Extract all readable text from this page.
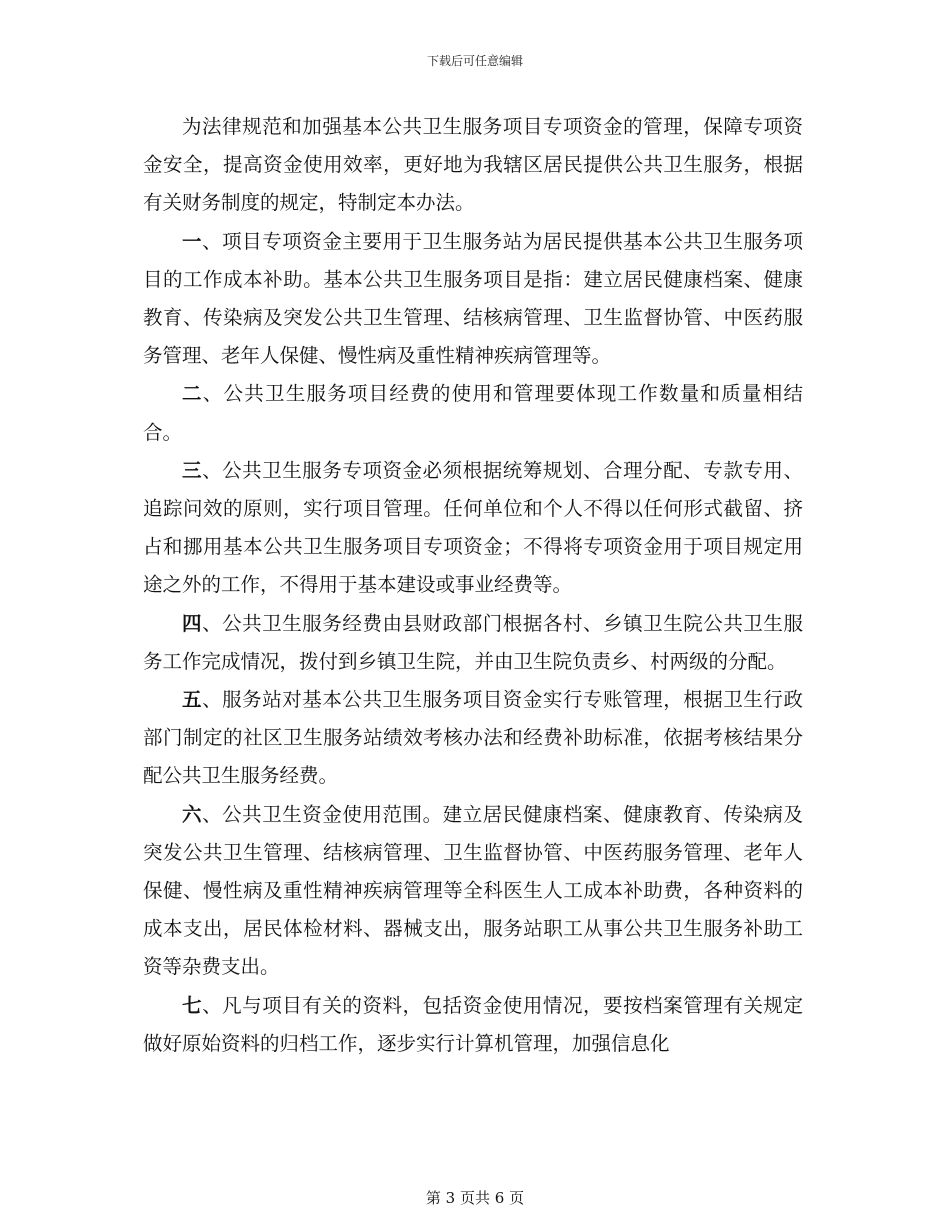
下载后可任意编辑

为法律规范和加强基本公共卫生服务项目专项资金的管理，保障专项资金安全，提高资金使用效率，更好地为我辖区居民提供公共卫生服务，根据有关财务制度的规定，特制定本办法。

一、项目专项资金主要用于卫生服务站为居民提供基本公共卫生服务项目的工作成本补助。基本公共卫生服务项目是指：建立居民健康档案、健康教育、传染病及突发公共卫生管理、结核病管理、卫生监督协管、中医药服务管理、老年人保健、慢性病及重性精神疾病管理等。

二、公共卫生服务项目经费的使用和管理要体现工作数量和质量相结合。

三、公共卫生服务专项资金必须根据统筹规划、合理分配、专款专用、追踪问效的原则，实行项目管理。任何单位和个人不得以任何形式截留、挤占和挪用基本公共卫生服务项目专项资金；不得将专项资金用于项目规定用途之外的工作，不得用于基本建设或事业经费等。

四、公共卫生服务经费由县财政部门根据各村、乡镇卫生院公共卫生服务工作完成情况，拨付到乡镇卫生院，并由卫生院负责乡、村两级的分配。

五、服务站对基本公共卫生服务项目资金实行专账管理，根据卫生行政部门制定的社区卫生服务站绩效考核办法和经费补助标准，依据考核结果分配公共卫生服务经费。

六、公共卫生资金使用范围。建立居民健康档案、健康教育、传染病及突发公共卫生管理、结核病管理、卫生监督协管、中医药服务管理、老年人保健、慢性病及重性精神疾病管理等全科医生人工成本补助费，各种资料的成本支出，居民体检材料、器械支出，服务站职工从事公共卫生服务补助工资等杂费支出。

七、凡与项目有关的资料，包括资金使用情况，要按档案管理有关规定做好原始资料的归档工作，逐步实行计算机管理，加强信息化

第 3 页共 6 页
